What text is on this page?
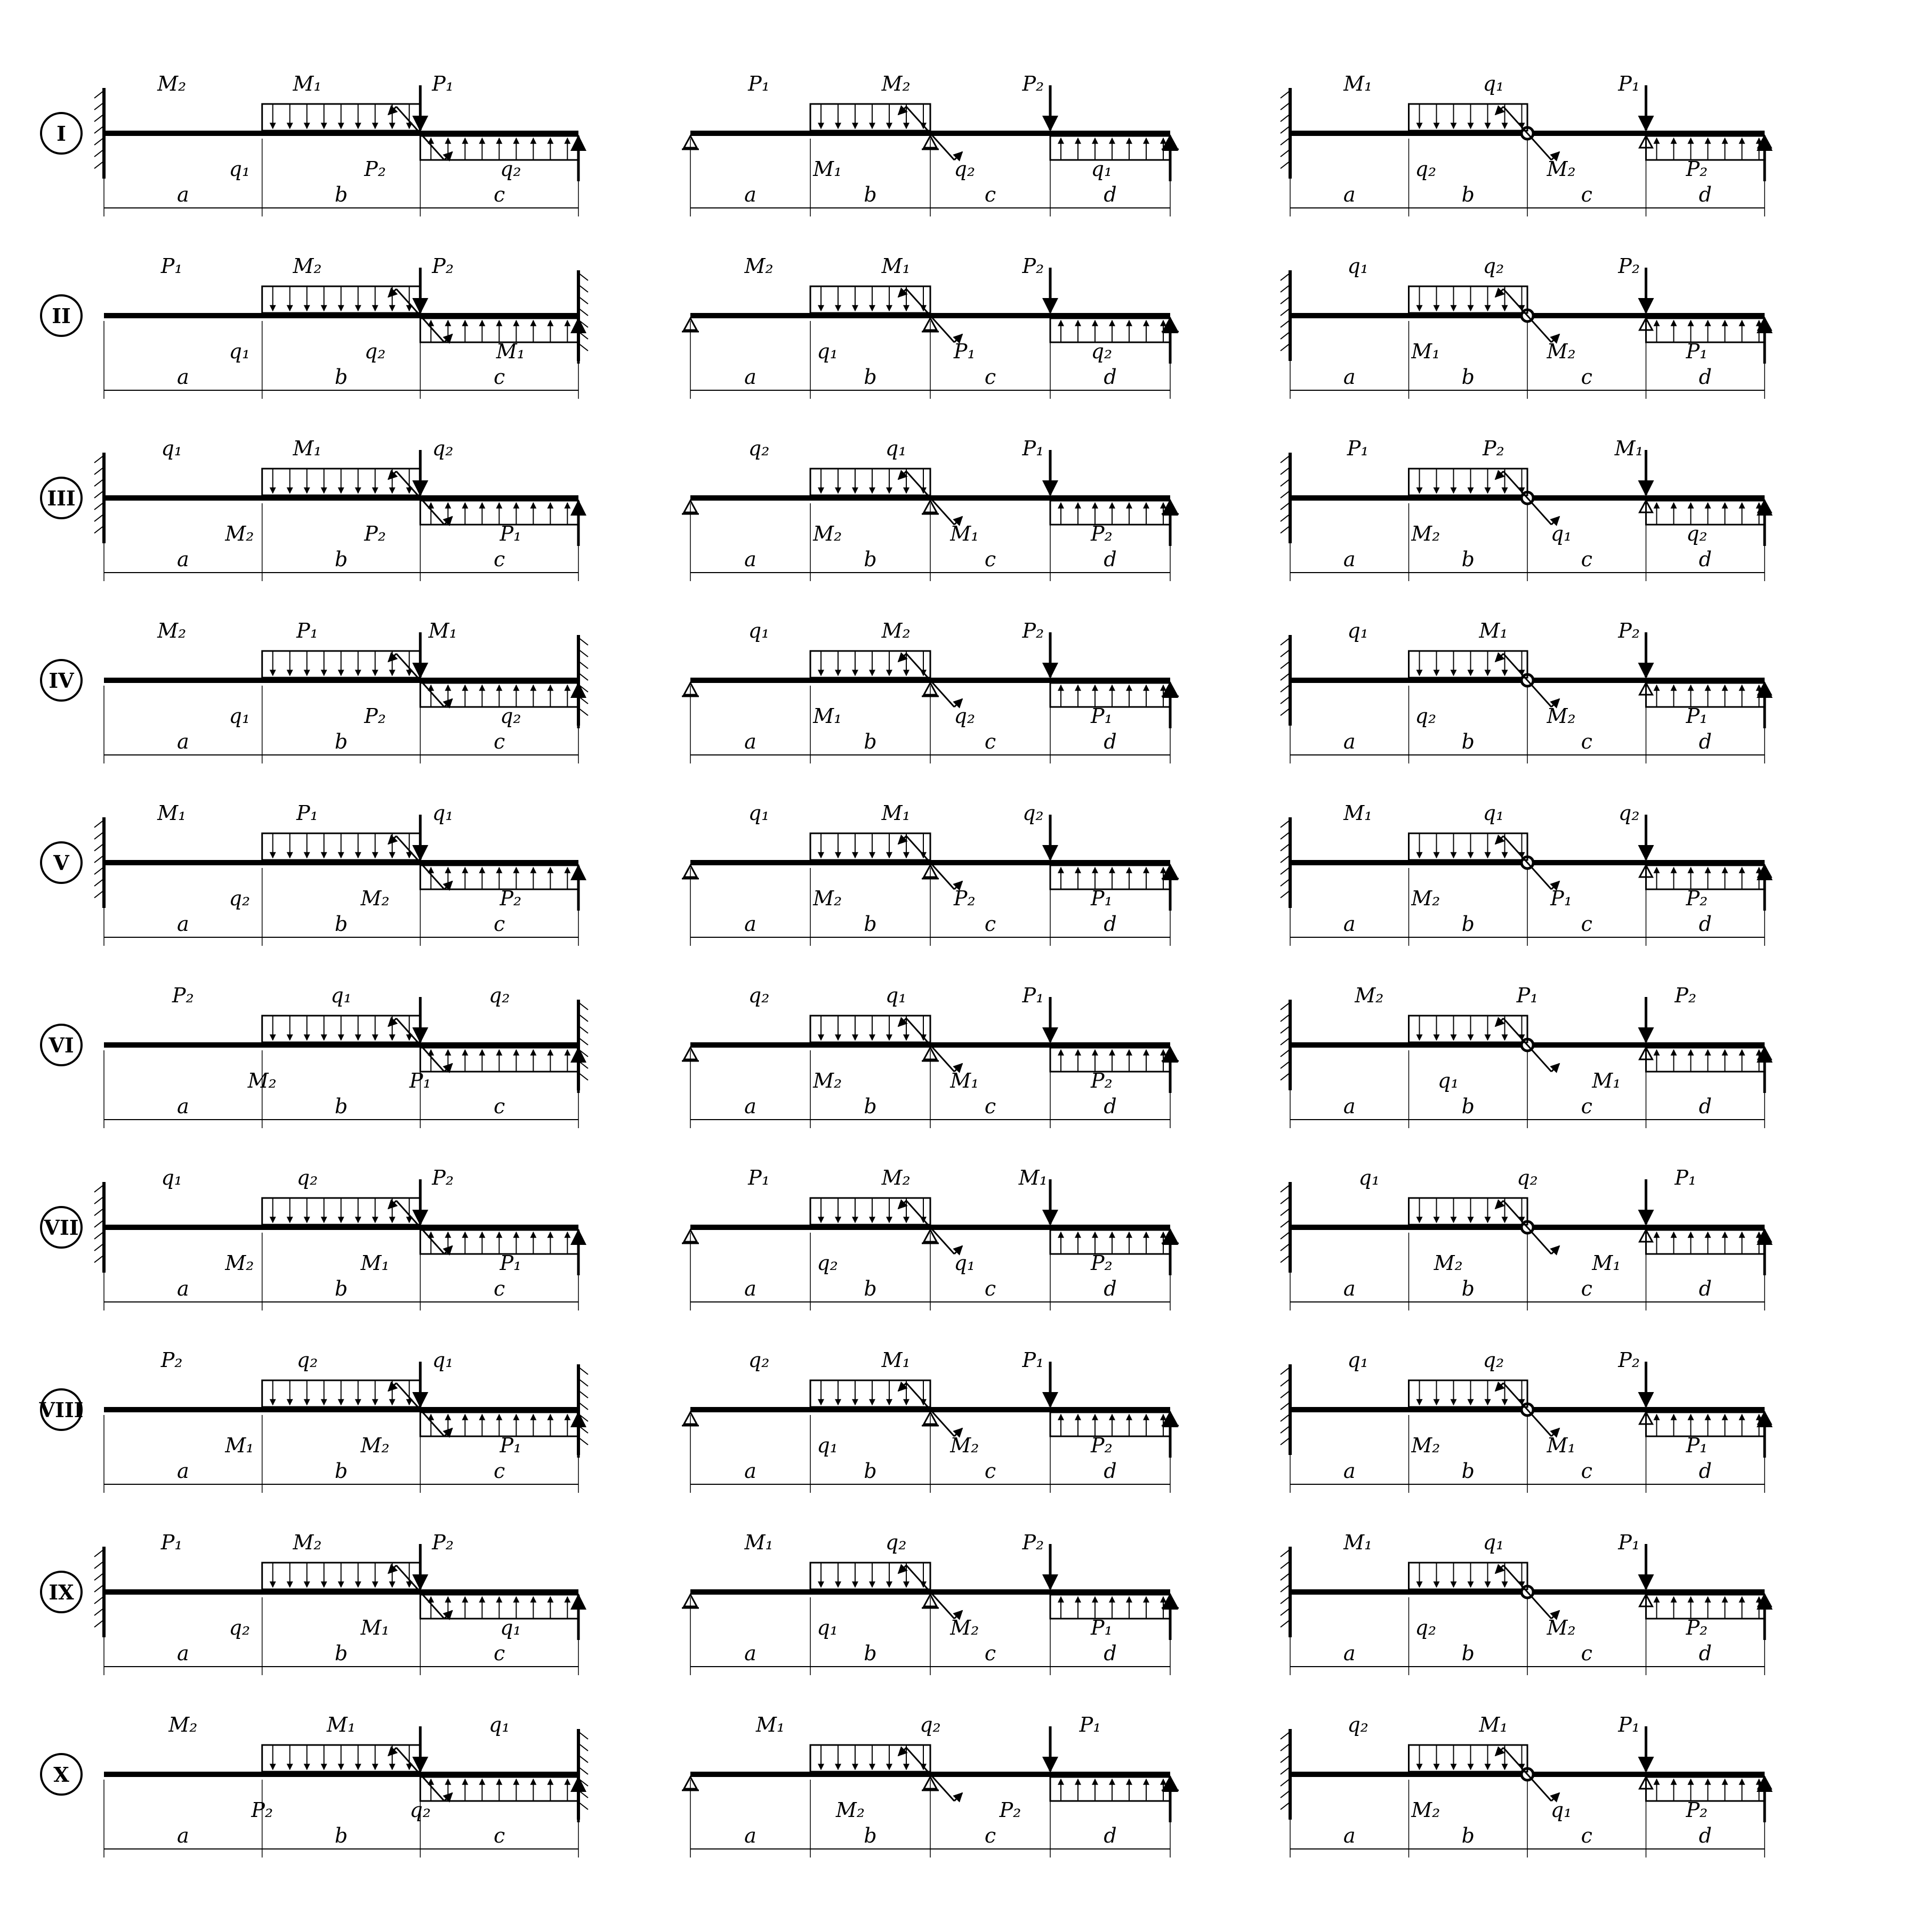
I
M₂
q₁
M₁
P₂
P₁
q₂
a	b	c
P₁
M₁
M₂
q₂
P₂
q₁
a	b	c	d
M₁
q₂
q₁
M₂
P₁
P₂
a	b	c	d
II
P₁
q₁
M₂
q₂
P₂
M₁
a	b	c
M₂
q₁
M₁
P₁
P₂
q₂
a	b	c	d
q₁
M₁
q₂
M₂
P₂
P₁
a	b	c	d
III
q₁
M₂
M₁
P₂
q₂
P₁
a	b	c
q₂
M₂
q₁
M₁
P₁
P₂
a	b	c	d
P₁
M₂
P₂
q₁
M₁
q₂
a	b	c	d
IV
M₂
q₁
P₁
P₂
M₁
q₂
a	b	c
q₁
M₁
M₂
q₂
P₂
P₁
a	b	c	d
q₁
q₂
M₁
M₂
P₂
P₁
a	b	c	d
V
M₁
q₂
P₁
M₂
q₁
P₂
a	b	c
q₁
M₂
M₁
P₂
q₂
P₁
a	b	c	d
M₁
M₂
q₁
P₁
q₂
P₂
a	b	c	d
VI
P₂
M₂
q₁
P₁
q₂
a	b	c
q₂
M₂
q₁
M₁
P₁
P₂
a	b	c	d
M₂
q₁
P₁
M₁
P₂
a	b	c	d
VII
q₁
M₂
q₂
M₁
P₂
P₁
a	b	c
P₁
q₂
M₂
q₁
M₁
P₂
a	b	c	d
q₁
M₂
q₂
M₁
P₁
a	b	c	d
VIII
P₂
M₁
q₂
M₂
q₁
P₁
a	b	c
q₂
q₁
M₁
M₂
P₁
P₂
a	b	c	d
q₁
M₂
q₂
M₁
P₂
P₁
a	b	c	d
IX
P₁
q₂
M₂
M₁
P₂
q₁
a	b	c
M₁
q₁
q₂
M₂
P₂
P₁
a	b	c	d
M₁
q₂
q₁
M₂
P₁
P₂
a	b	c	d
X
M₂
P₂
M₁
q₂
q₁
a	b	c
M₁
M₂
q₂
P₂
P₁
a	b	c	d
q₂
M₂
M₁
q₁
P₁
P₂
a	b	c	d
